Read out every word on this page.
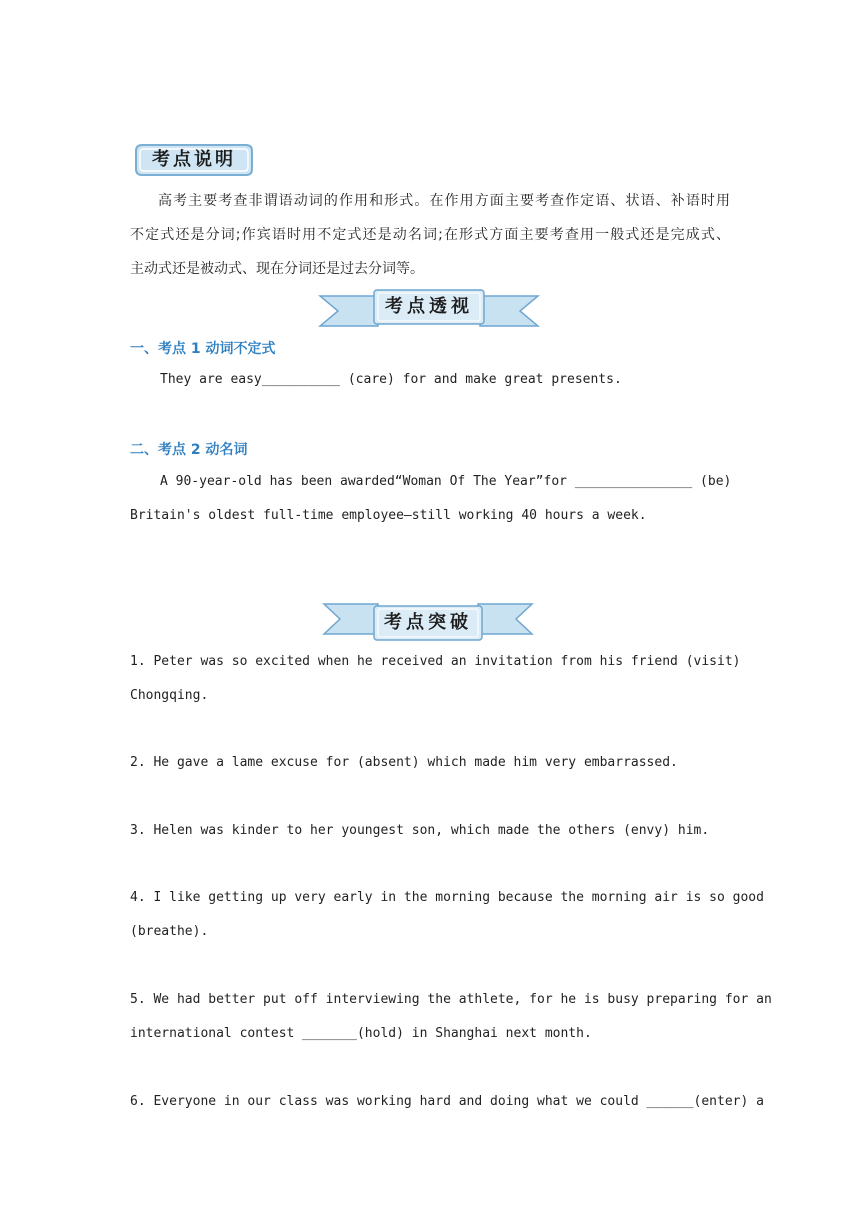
考点说明
高考主要考查非谓语动词的作用和形式。在作用方面主要考查作定语、状语、补语时用
不定式还是分词;作宾语时用不定式还是动名词;在形式方面主要考查用一般式还是完成式、
主动式还是被动式、现在分词还是过去分词等。
考点透视
一、考点 1 动词不定式
They are easy__________ (care) for and make great presents.
二、考点 2 动名词
A 90-year-old has been awarded“Woman Of The Year”for _______________ (be)
Britain's oldest full-time employee—still working 40 hours a week.
考点突破
1. Peter was so excited when he received an invitation from his friend (visit)
Chongqing.
2. He gave a lame excuse for (absent) which made him very embarrassed.
3. Helen was kinder to her youngest son, which made the others (envy) him.
4. I like getting up very early in the morning because the morning air is so good
(breathe).
5. We had better put off interviewing the athlete, for he is busy preparing for an
international contest _______(hold) in Shanghai next month.
6. Everyone in our class was working hard and doing what we could ______(enter) a
